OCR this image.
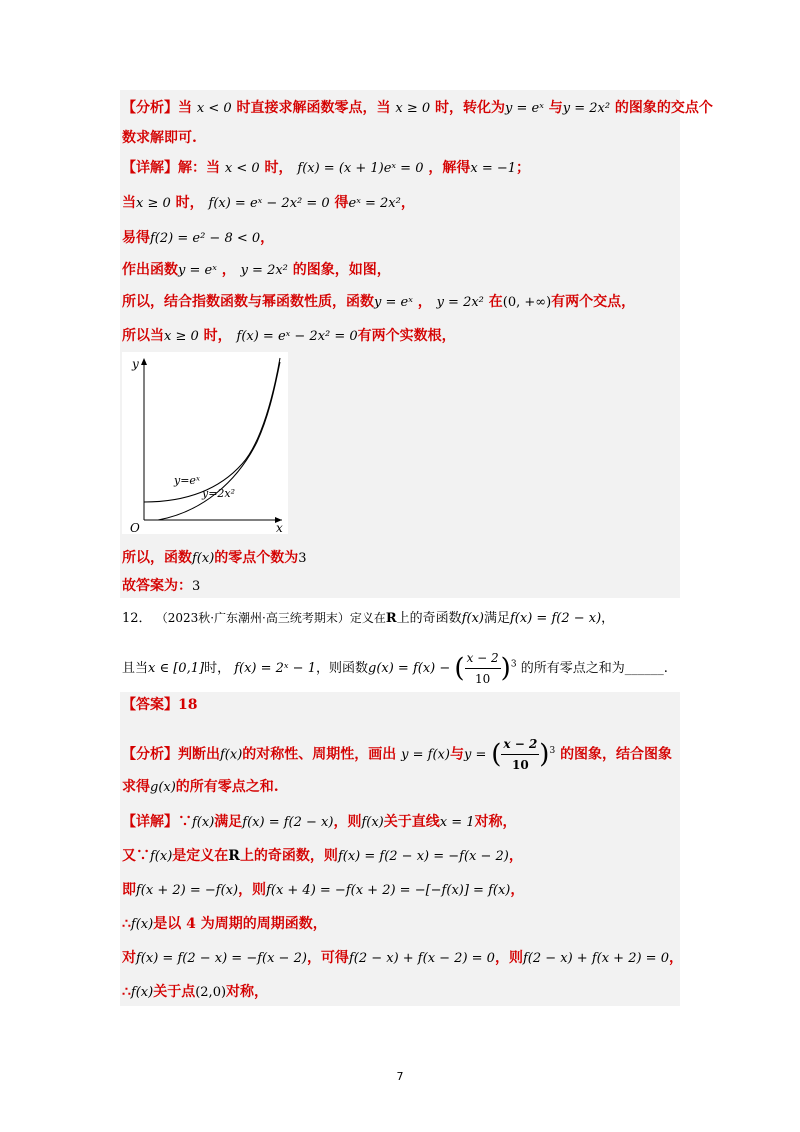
【分析】当 x < 0 时直接求解函数零点，当 x ≥ 0 时，转化为y = eˣ 与y = 2x² 的图象的交点个
数求解即可.
【详解】解：当 x < 0 时， f(x) = (x + 1)eˣ = 0 ，解得x = −1；
当x ≥ 0 时， f(x) = eˣ − 2x² = 0 得eˣ = 2x²，
易得f(2) = e² − 8 < 0，
作出函数y = eˣ ， y = 2x² 的图象，如图，
所以，结合指数函数与幂函数性质，函数y = eˣ ， y = 2x² 在(0, +∞)有两个交点，
所以当x ≥ 0 时， f(x) = eˣ − 2x² = 0有两个实数根，
y
x
O
y=eˣ
y=2x²
所以，函数f(x)的零点个数为3
故答案为：3
12． （2023秋·广东潮州·高三统考期末）定义在R上的奇函数f(x)满足f(x) = f(2 − x)，
且当x ∈ [0,1]时， f(x) = 2ˣ − 1，则函数g(x) = f(x) − ( $\frac{x - 2}{10} )^3$ 的所有零点之和为______.
【答案】18
【分析】判断出f(x)的对称性、周期性，画出 y = f(x)与y = ( $\frac{x - 2}{10} )^3$ 的图象，结合图象
求得g(x)的所有零点之和.
【详解】∵f(x)满足f(x) = f(2 − x)，则f(x)关于直线x = 1对称，
又∵f(x)是定义在R上的奇函数，则f(x) = f(2 − x) = −f(x − 2)，
即f(x + 2) = −f(x)，则f(x + 4) = −f(x + 2) = −[−f(x)] = f(x)，
∴f(x)是以 4 为周期的周期函数，
对f(x) = f(2 − x) = −f(x − 2)，可得f(2 − x) + f(x − 2) = 0，则f(2 − x) + f(x + 2) = 0，
∴f(x)关于点(2,0)对称，
7
